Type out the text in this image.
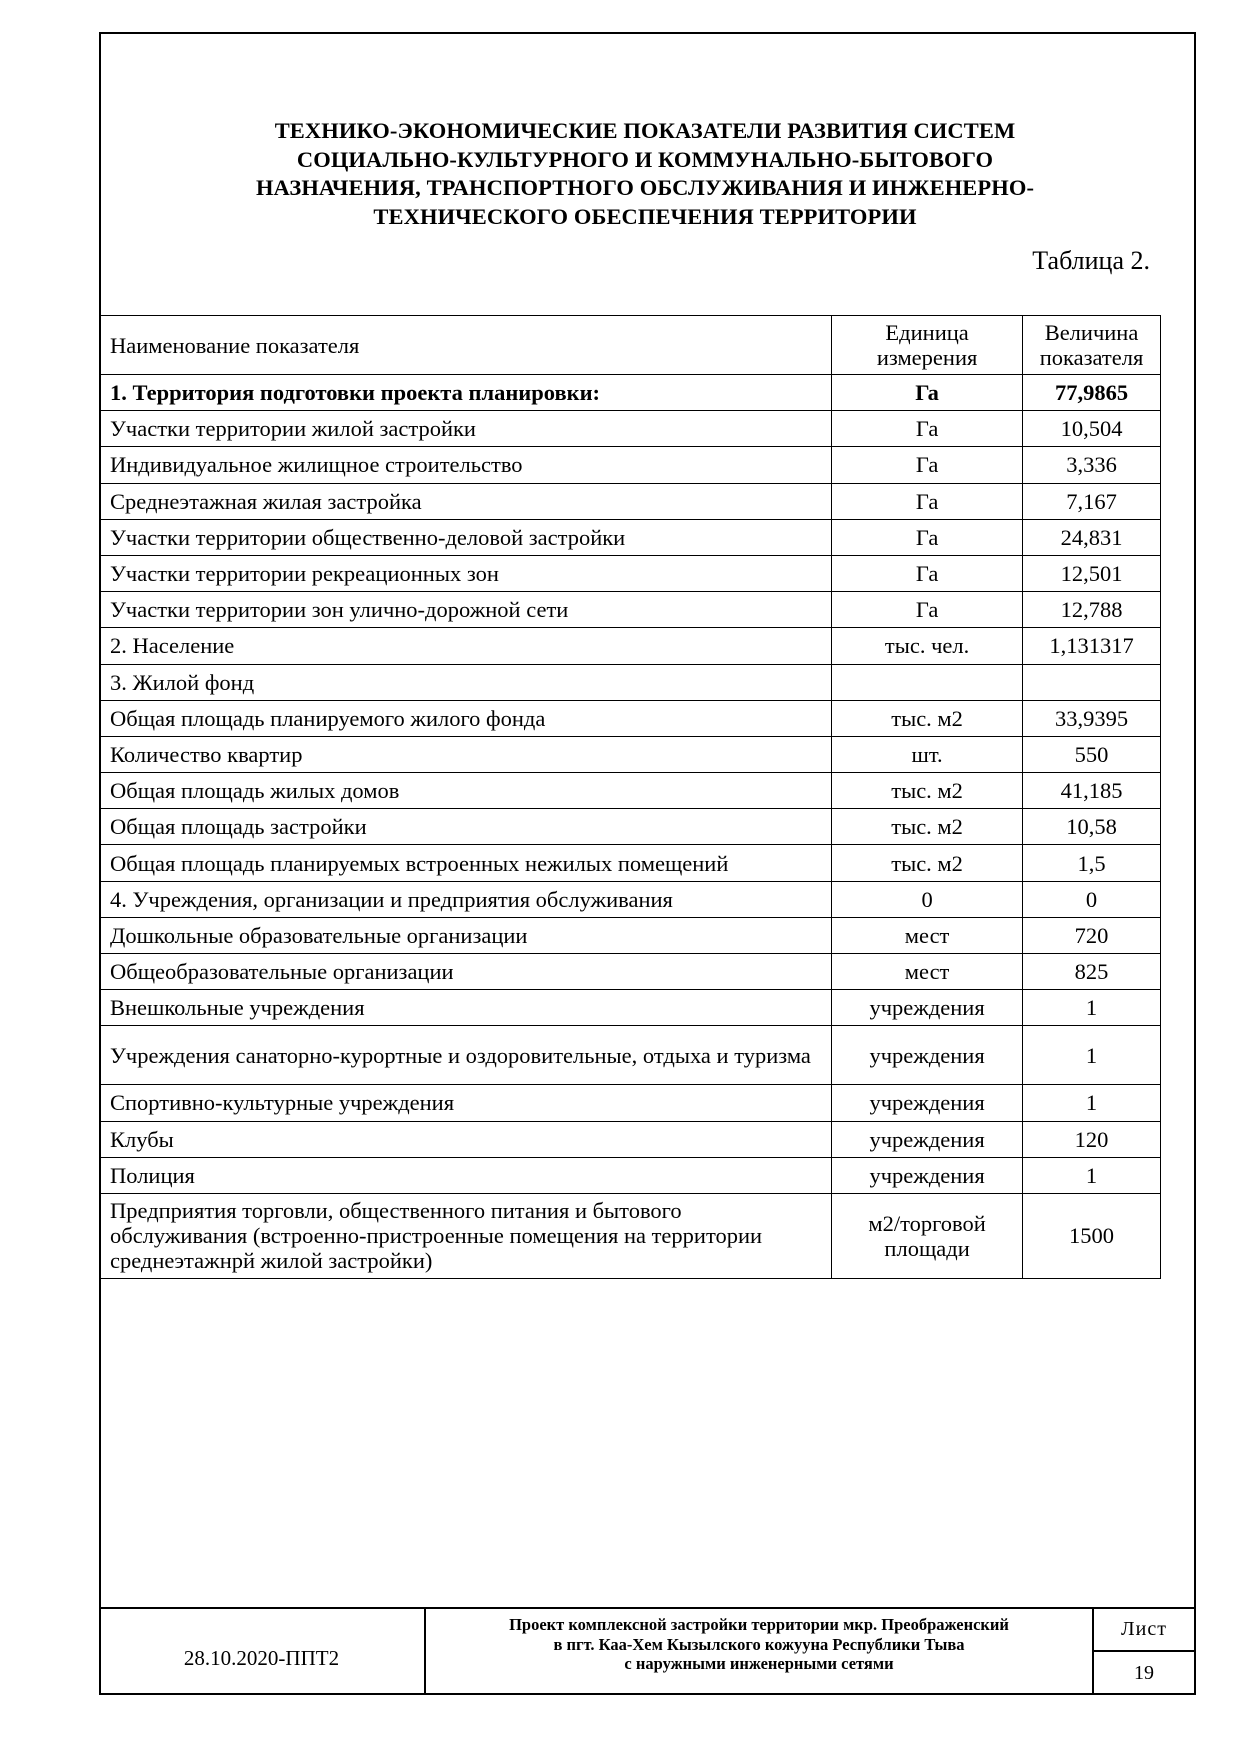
ТЕХНИКО-ЭКОНОМИЧЕСКИЕ ПОКАЗАТЕЛИ РАЗВИТИЯ СИСТЕМ
СОЦИАЛЬНО-КУЛЬТУРНОГО И КОММУНАЛЬНО-БЫТОВОГО
НАЗНАЧЕНИЯ, ТРАНСПОРТНОГО ОБСЛУЖИВАНИЯ И ИНЖЕНЕРНО-
ТЕХНИЧЕСКОГО ОБЕСПЕЧЕНИЯ ТЕРРИТОРИИ
Таблица 2.
Наименование показателя	Единица измерения	Величина показателя
1. Территория подготовки проекта планировки:	Га	77,9865
Участки территории жилой застройки	Га	10,504
Индивидуальное жилищное строительство	Га	3,336
Среднеэтажная жилая застройка	Га	7,167
Участки территории общественно-деловой застройки	Га	24,831
Участки территории рекреационных зон	Га	12,501
Участки территории зон улично-дорожной сети	Га	12,788
2. Население	тыс. чел.	1,131317
3. Жилой фонд		
Общая площадь планируемого жилого фонда	тыс. м2	33,9395
Количество квартир	шт.	550
Общая площадь жилых домов	тыс. м2	41,185
Общая площадь застройки	тыс. м2	10,58
Общая площадь планируемых встроенных нежилых помещений	тыс. м2	1,5
4. Учреждения, организации и предприятия обслуживания	0	0
Дошкольные образовательные организации	мест	720
Общеобразовательные организации	мест	825
Внешкольные учреждения	учреждения	1
Учреждения санаторно-курортные и оздоровительные, отдыха и туризма	учреждения	1
Спортивно-культурные учреждения	учреждения	1
Клубы	учреждения	120
Полиция	учреждения	1
Предприятия торговли, общественного питания и бытового обслуживания (встроенно-пристроенные помещения на территории среднеэтажнрй жилой застройки)	м2/торговой площади	1500
28.10.2020-ППТ2
Проект комплексной застройки территории мкр. Преображенский
в пгт. Каа-Хем Кызылского кожууна Республики Тыва
с наружными инженерными сетями
Лист
19
